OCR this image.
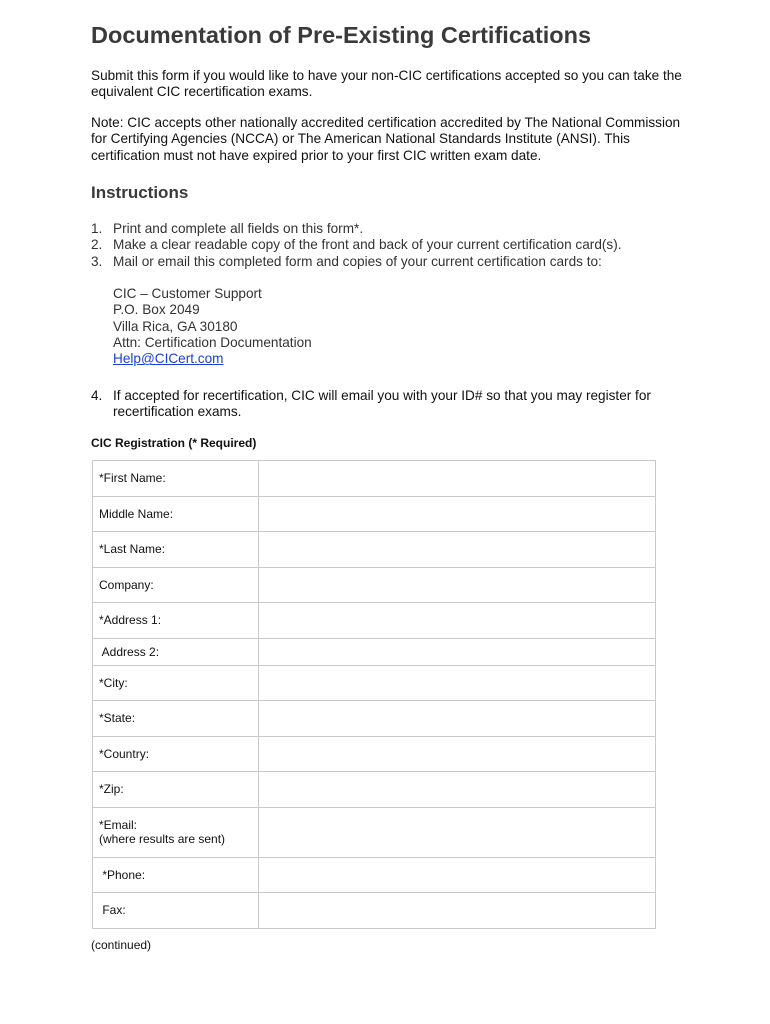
Documentation of Pre-Existing Certifications

Submit this form if you would like to have your non-CIC certifications accepted so you can take the equivalent CIC recertification exams.

Note: CIC accepts other nationally accredited certification accredited by The National Commission for Certifying Agencies (NCCA) or The American National Standards Institute (ANSI). This certification must not have expired prior to your first CIC written exam date.

Instructions
1. Print and complete all fields on this form*.
2. Make a clear readable copy of the front and back of your current certification card(s).
3. Mail or email this completed form and copies of your current certification cards to:
CIC – Customer Support
P.O. Box 2049
Villa Rica, GA 30180
Attn: Certification Documentation
Help@CICert.com
4. If accepted for recertification, CIC will email you with your ID# so that you may register for recertification exams.

CIC Registration (* Required)

*First Name:	
Middle Name:	
*Last Name:	
Company:	
*Address 1:	
Address 2:	
*City:	
*State:	
*Country:	
*Zip:	

*Email:
(where results are sent)	

*Phone:	
Fax:	
(continued)
